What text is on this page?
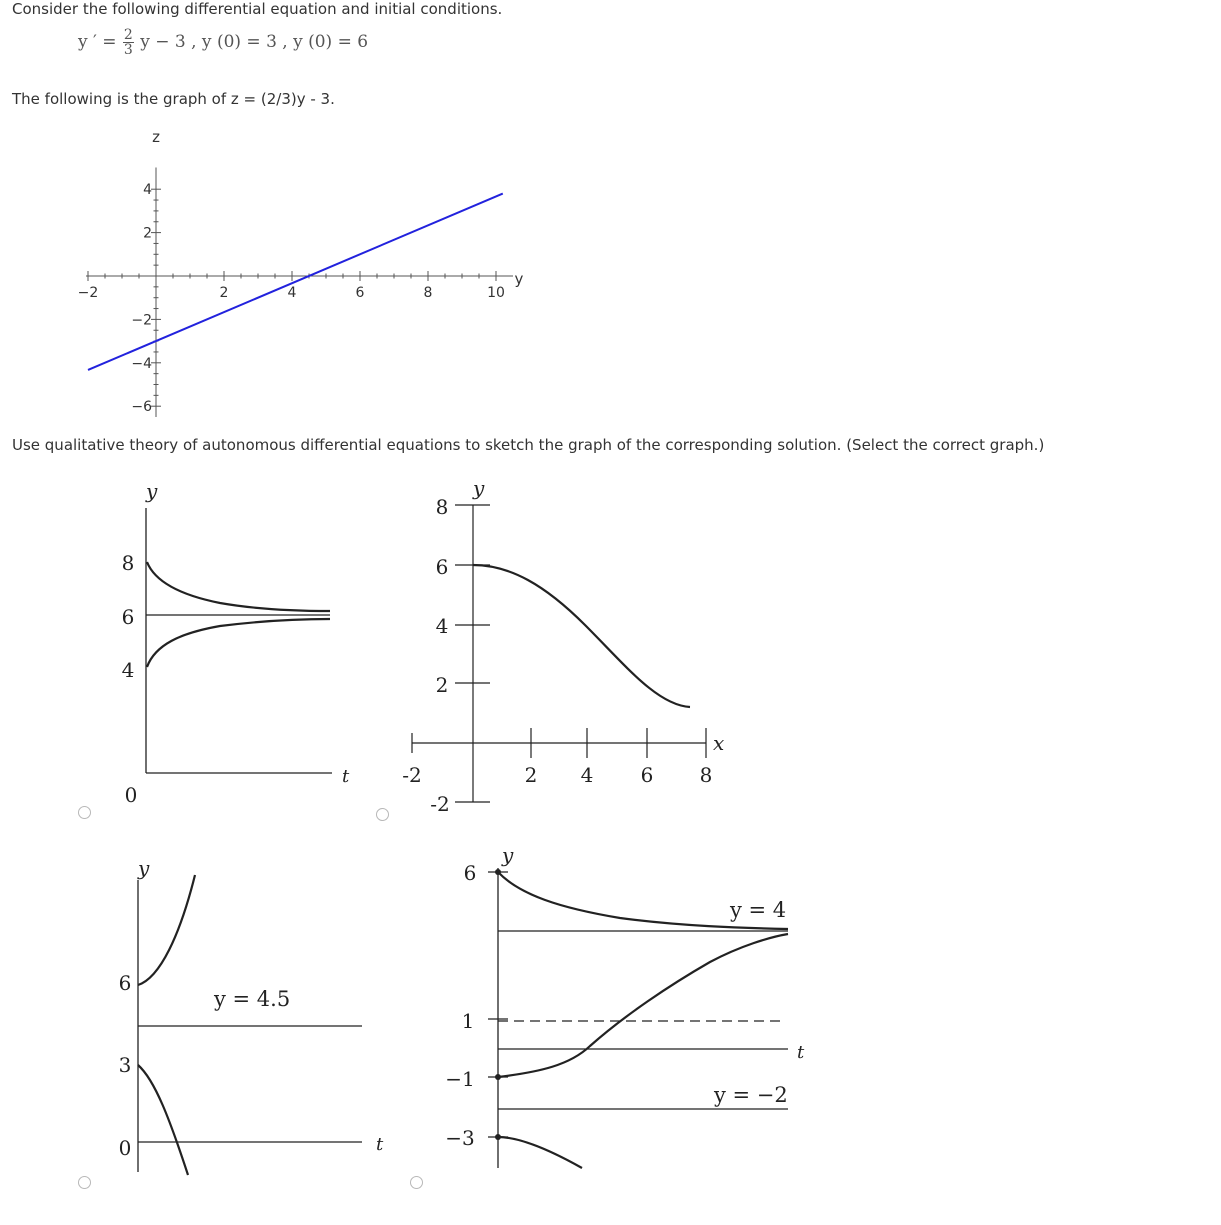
Consider the following differential equation and initial conditions.
y ′ = $\frac{2}{3}$ y − 3 , y (0) = 3 , y (0) = 6
The following is the graph of z = (2/3)y - 3.
−2	2	4	6	8	10
4
2
−2
−4
−6
z
y
Use qualitative theory of autonomous differential equations to sketch the graph of the corresponding solution. (Select the correct graph.)
y
t
8
6
4
0
y
x
8
6
4
2
-2
-2	2 4 6 8
y
t
y = 4.5
6
3
0
y
t
y = 4
y = −2
6
1
−1
−3
